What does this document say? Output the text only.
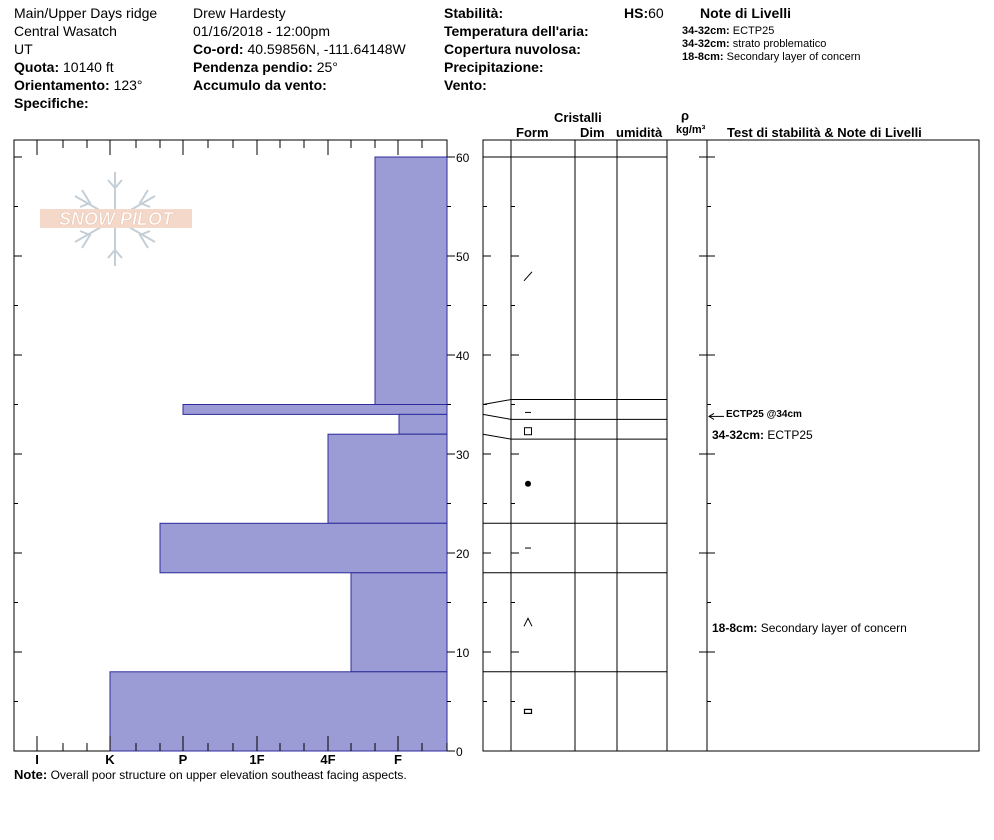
Main/Upper Days ridge
Central Wasatch
UT
Quota: 10140 ft
Orientamento: 123°
Specifiche:
Drew Hardesty
01/16/2018 - 12:00pm
Co-ord: 40.59856N, -111.64148W
Pendenza pendio: 25°
Accumulo da vento:
Stabilità:	HS:60
Temperatura dell'aria:
Copertura nuvolosa:
Precipitazione:
Vento:
Note di Livelli
34-32cm: ECTP25
34-32cm: strato problematico
18-8cm: Secondary layer of concern
Cristalli
Form Dim umidità
ρ
kg/m³ Test di stabilità & Note di Livelli
SNOW PILOT
60
50
40
30
20
10
0
I	K	P	1F	4F	F
ECTP25 @34cm
34-32cm: ECTP25
18-8cm: Secondary layer of concern
Note: Overall poor structure on upper elevation southeast facing aspects.
